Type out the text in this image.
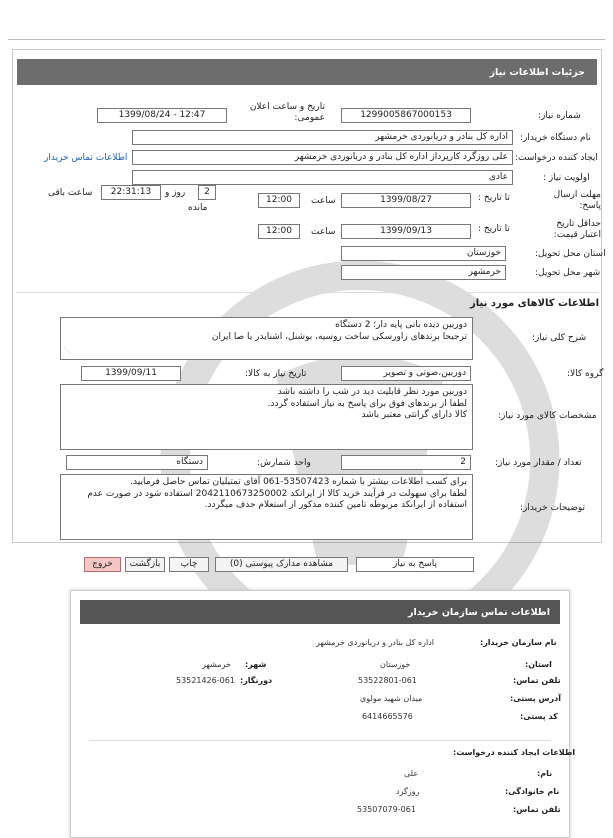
جزئیات اطلاعات نیاز
شماره نیاز:
1299005867000153
تاریخ و ساعت اعلان عمومی:
1399/08/24 - 12:47
نام دستگاه خریدار:
اداره کل بنادر و دریانوردی خرمشهر
ایجاد کننده درخواست:
علی روزگرد کارپرداز اداره کل بنادر و دریانوردی خرمشهر
اطلاعات تماس خریدار
اولویت نیاز :
عادی
مهلت ارسال پاسخ:
تا تاریخ :
1399/08/27
ساعت
12:00
2
روز و
22:31:13
ساعت باقی
مانده
حداقل تاریخ اعتبار قیمت:
تا تاریخ :
1399/09/13
ساعت
12:00
استان محل تحویل:
خوزستان
شهر محل تحویل:
خرمشهر
اطلاعات کالاهای مورد نیاز
شرح کلی نیاز:
دوربین دیده بانی پایه دار؛ 2 دستگاه
ترجیحا برندهای زاورسکی ساخت روسیه، بوشنل، اشنایدر یا صا ایران
⋰
گروه کالا:
دوربین،صوتی و تصویر
تاریخ نیاز به کالا:
1399/09/11
مشخصات کالای مورد نیاز:
دوربین مورد نظر قابلیت دید در شب را داشته باشد
لطفا از برندهای فوق برای پاسخ به نیاز استفاده گردد.
کالا دارای گرانتی معتبر باشد
تعداد / مقدار مورد نیاز:
2
واحد شمارش:
دستگاه
توضیحات خریدار:
برای کسب اطلاعات بیشتر با شماره 53507423-061 آقای تمتیلیان تماس حاصل فرمایید.
لطفا برای سهولت در فرآیند خرید کالا از ایرانکد 2042110673250002 استفاده شود در صورت عدم
استفاده از ایرانکد مربوطه تامین کننده مذکور از استعلام حذف میگردد.
پاسخ به نیاز
مشاهده مدارک پیوستی (0)
چاپ
بازگشت
خروج
اطلاعات تماس سازمان خریدار
نام سازمان خریدار:
اداره کل بنادر و دریانوردی خرمشهر
استان:
خوزستان
شهر:
خرمشهر
تلفن تماس:
53522801-061
دورنگار:
53521426-061
آدرس پستی:
میدان شهید مولوی
کد پستی:
6414665576
اطلاعات ایجاد کننده درخواست:
نام:
علی
نام خانوادگی:
روزگرد
تلفن تماس:
53507079-061
